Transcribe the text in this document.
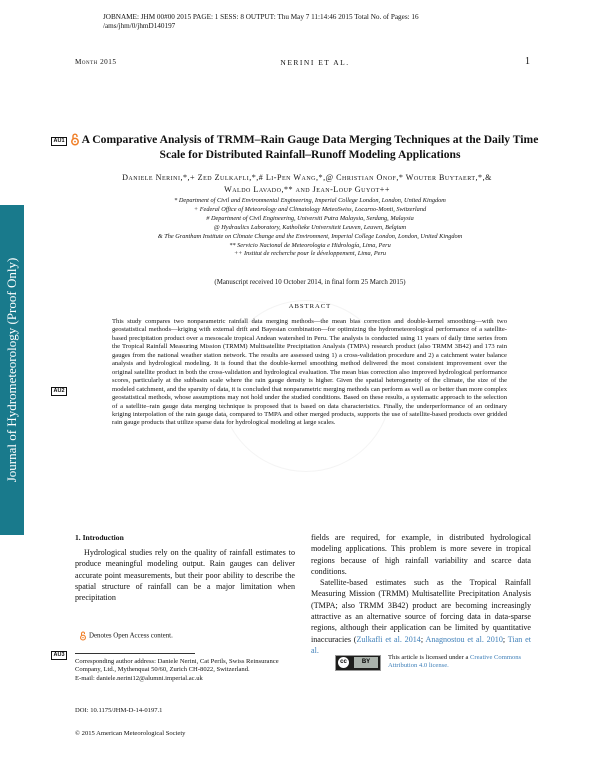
JOBNAME: JHM 00#00 2015 PAGE: 1 SESS: 8 OUTPUT: Thu May 7 11:14:46 2015 Total No. of Pages: 16
/ams/jhm/0/jhmD140197
Month 2015	NERINI ET AL.	1
Journal of Hydrometeorology (Proof Only)
AU1
AU2
AU3
A Comparative Analysis of TRMM–Rain Gauge Data Merging Techniques at the Daily Time Scale for Distributed Rainfall–Runoff Modeling Applications
Daniele Nerini,*,+ Zed Zulkafli,*,# Li-Pen Wang,*,@ Christian Onof,* Wouter Buytaert,*,&
Waldo Lavado,** and Jean-Loup Guyot++
* Department of Civil and Environmental Engineering, Imperial College London, London, United Kingdom
+ Federal Office of Meteorology and Climatology MeteoSwiss, Locarno-Monti, Switzerland
# Department of Civil Engineering, Universiti Putra Malaysia, Serdang, Malaysia
@ Hydraulics Laboratory, Katholieke Universiteit Leuven, Leuven, Belgium
& The Grantham Institute on Climate Change and the Environment, Imperial College London, London, United Kingdom
** Servicio Nacional de Meteorologia e Hidrología, Lima, Peru
++ Institut de recherche pour le développement, Lima, Peru
(Manuscript received 10 October 2014, in final form 25 March 2015)
ABSTRACT
This study compares two nonparametric rainfall data merging methods—the mean bias correction and double-kernel smoothing—with two geostatistical methods—kriging with external drift and Bayesian combination—for optimizing the hydrometeorological performance of a satellite-based precipitation product over a mesoscale tropical Andean watershed in Peru. The analysis is conducted using 11 years of daily time series from the Tropical Rainfall Measuring Mission (TRMM) Multisatellite Precipitation Analysis (TMPA) research product (also TRMM 3B42) and 173 rain gauges from the national weather station network. The results are assessed using 1) a cross-validation procedure and 2) a catchment water balance analysis and hydrological modeling. It is found that the double-kernel smoothing method delivered the most consistent improvement over the original satellite product in both the cross-validation and hydrological evaluation. The mean bias correction also improved hydrological performance scores, particularly at the subbasin scale where the rain gauge density is higher. Given the spatial heterogeneity of the climate, the size of the modeled catchment, and the sparsity of data, it is concluded that nonparametric merging methods can perform as well as or better than more complex geostatistical methods, whose assumptions may not hold under the studied conditions. Based on these results, a systematic approach to the selection of a satellite–rain gauge data merging technique is proposed that is based on data characteristics. Finally, the underperformance of an ordinary kriging interpolation of the rain gauge data, compared to TMPA and other merged products, supports the use of satellite-based products over gridded rain gauge products that utilize sparse data for hydrological modeling at large scales.
1. Introduction
Hydrological studies rely on the quality of rainfall estimates to produce meaningful modeling output. Rain gauges can deliver accurate point measurements, but their poor ability to describe the spatial structure of rainfall can be a major limitation when precipitation

fields are required, for example, in distributed hydrological modeling applications. This problem is more severe in tropical regions because of high rainfall variability and scarce data conditions.

Satellite-based estimates such as the Tropical Rainfall Measuring Mission (TRMM) Multisatellite Precipitation Analysis (TMPA; also TRMM 3B42) product are becoming increasingly attractive as an alternative source of forcing data in data-sparse regions, although their application can be limited by quantitative inaccuracies (Zulkafli et al. 2014; Anagnostou et al. 2010; Tian et al.

Denotes Open Access content.
Corresponding author address: Daniele Nerini, Cat Perils, Swiss Reinsurance Company, Ltd., Mythenquai 50/60, Zurich CH-8022, Switzerland.
E-mail: daniele.nerini12@alumni.imperial.ac.uk
DOI: 10.1175/JHM-D-14-0197.1
© 2015 American Meteorological Society
cc	BY
This article is licensed under a Creative Commons Attribution 4.0 license.
